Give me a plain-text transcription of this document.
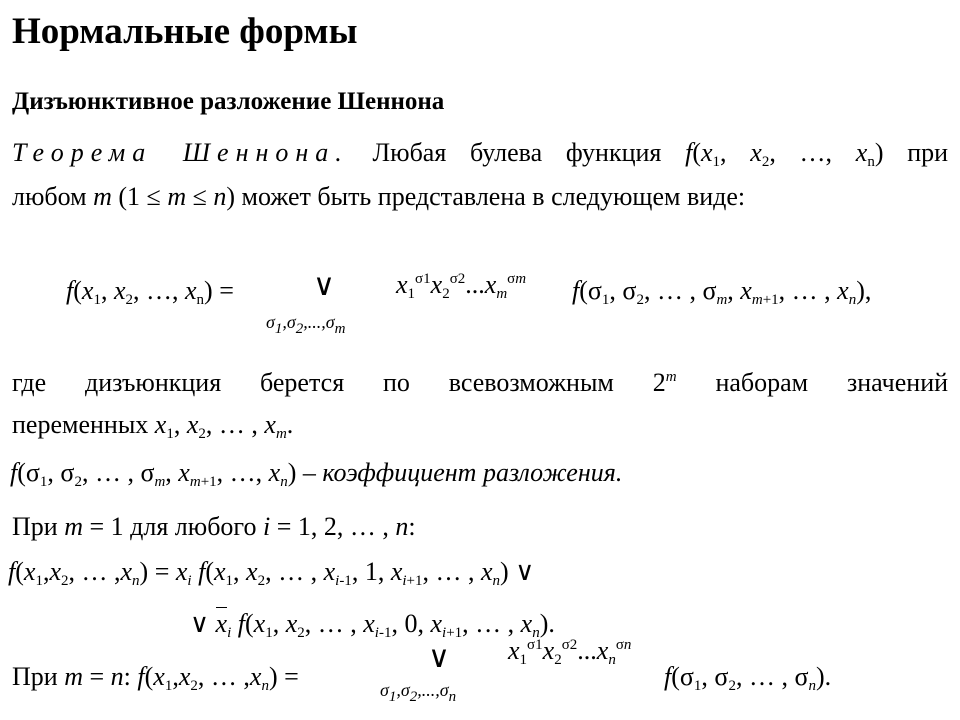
Нормальные формы
Дизъюнктивное разложение Шеннона
Теорема Шеннона. Любая булева функция $f(x_1$, $x_2$, …, $x_n$) при
любом m (1 ≤ m ≤ n) может быть представлена в следующем виде:
$f(x_1$, $x_2$, …, $x_n$) =	∨
$\sigma_1,\sigma_2,...,\sigma_m$
$x_1^{\sigma 1}x_2^{\sigma 2}...x_m^{\sigma m}$ $f(\sigma_1$, $\sigma_2$, … , $\sigma_m$, $x_{m+1}$, … , $x_n$),
где дизъюнкция берется по всевозможным 2$^m$ наборам значений
переменных $x_1$, $x_2$, … , $x_m$.
$f(\sigma_1$, $\sigma_2$, … , $\sigma_m$, $x_{m+1}$, …, $x_n$) – коэффициент разложения.
При m = 1 для любого i = 1, 2, … , n:
$f(x_1,x_2$, … $,x_n) = x_i$ $f(x_1$, $x_2$, … , $x_{i-1}$, 1, $x_{i+1}$, … , $x_n$) ∨
∨ $x_i$ $f(x_1$, $x_2$, … , $x_{i-1}$, 0, $x_{i+1}$, … , $x_n$).
При m = n: $f(x_1,x_2$, … $,x_n$) =
∨
$\sigma_1,\sigma_2,...,\sigma_n$
$x_1^{\sigma 1}x_2^{\sigma 2}...x_n^{\sigma n}$
$f(\sigma_1$, $\sigma_2$, … , $\sigma_n$).
